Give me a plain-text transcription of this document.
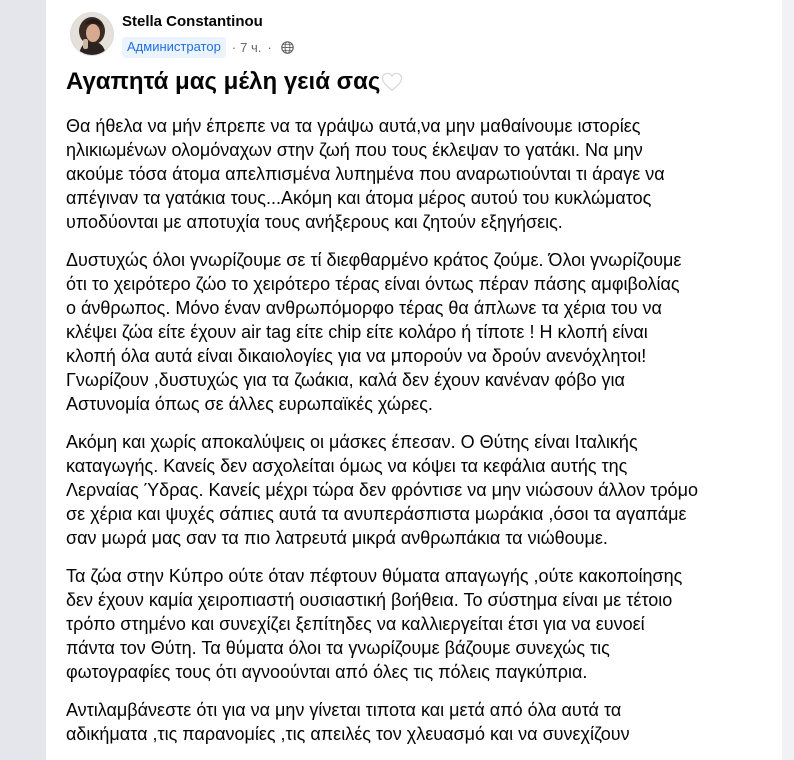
Stella Constantinou
Администратор · 7 ч. ·
Αγαπητά μας μέλη γειά σας
Θα ήθελα να μήν έπρεπε να τα γράψω αυτά,να μην μαθαίνουμε ιστορίες
ηλικιωμένων ολομόναχων στην ζωή που τους έκλεψαν το γατάκι. Να μην
ακούμε τόσα άτομα απελπισμένα λυπημένα που αναρωτιούνται τι άραγε να
απέγιναν τα γατάκια τους...Ακόμη και άτομα μέρος αυτού του κυκλώματος
υποδύονται με αποτυχία τους ανήξερους και ζητούν εξηγήσεις.
Δυστυχώς όλοι γνωρίζουμε σε τί διεφθαρμένο κράτος ζούμε. Όλοι γνωρίζουμε
ότι το χειρότερο ζώο το χειρότερο τέρας είναι όντως πέραν πάσης αμφιβολίας
ο άνθρωπος. Μόνο έναν ανθρωπόμορφο τέρας θα άπλωνε τα χέρια του να
κλέψει ζώα είτε έχουν air tag είτε chip είτε κολάρο ή τίποτε ! Η κλοπή είναι
κλοπή όλα αυτά είναι δικαιολογίες για να μπορούν να δρούν ανενόχλητοι!
Γνωρίζουν ,δυστυχώς για τα ζωάκια, καλά δεν έχουν κανέναν φόβο για
Αστυνομία όπως σε άλλες ευρωπαϊκές χώρες.
Ακόμη και χωρίς αποκαλύψεις οι μάσκες έπεσαν. Ο Θύτης είναι Ιταλικής
καταγωγής. Κανείς δεν ασχολείται όμως να κόψει τα κεφάλια αυτής της
Λερναίας Ύδρας. Κανείς μέχρι τώρα δεν φρόντισε να μην νιώσουν άλλον τρόμο
σε χέρια και ψυχές σάπιες αυτά τα ανυπεράσπιστα μωράκια ,όσοι τα αγαπάμε
σαν μωρά μας σαν τα πιο λατρευτά μικρά ανθρωπάκια τα νιώθουμε.
Τα ζώα στην Κύπρο ούτε όταν πέφτουν θύματα απαγωγής ,ούτε κακοποίησης
δεν έχουν καμία χειροπιαστή ουσιαστική βοήθεια. Το σύστημα είναι με τέτοιο
τρόπο στημένο και συνεχίζει ξεπίτηδες να καλλιεργείται έτσι για να ευνοεί
πάντα τον Θύτη. Τα θύματα όλοι τα γνωρίζουμε βάζουμε συνεχώς τις
φωτογραφίες τους ότι αγνοούνται από όλες τις πόλεις παγκύπρια.
Αντιλαμβάνεστε ότι για να μην γίνεται τιποτα και μετά από όλα αυτά τα
αδικήματα ,τις παρανομίες ,τις απειλές τον χλευασμό και να συνεχίζουν
